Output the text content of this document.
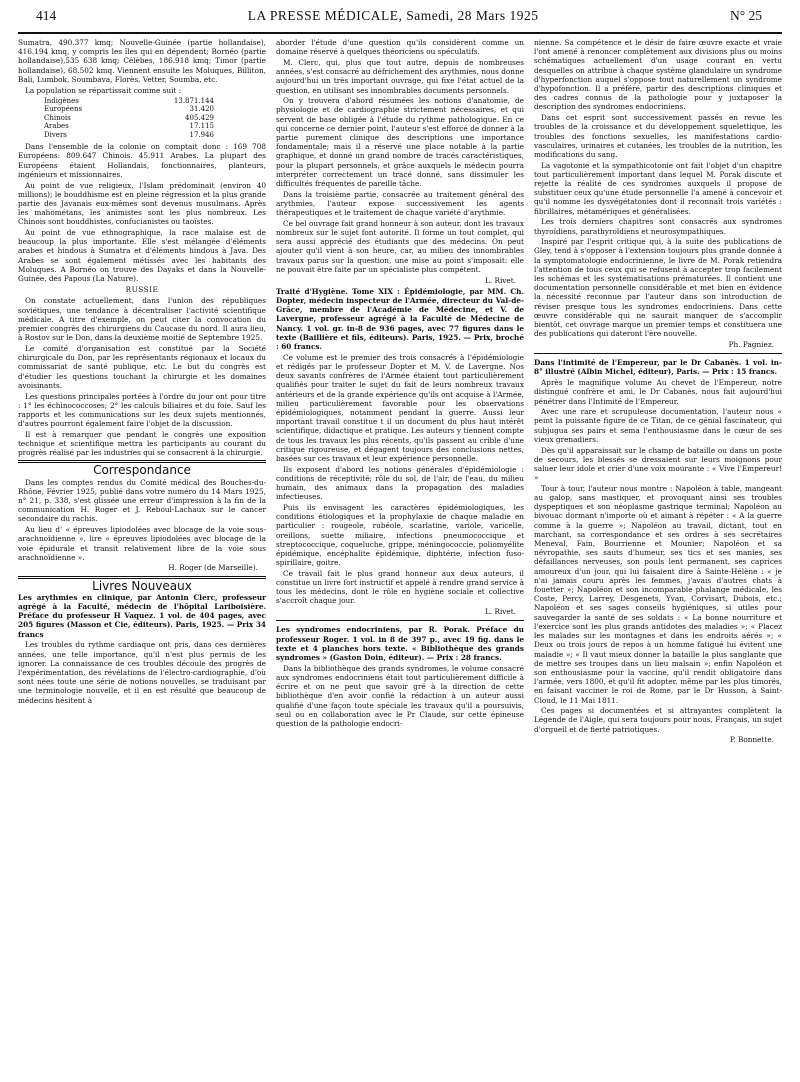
414	LA PRESSE MÉDICALE, Samedi, 28 Mars 1925	N° 25

Sumatra, 490.377 kmq; Nouvelle-Guinée (partie hollandaise), 416.194 kmq, y compris les îles qui en dépendent; Bornéo (partie hollandaise),535 638 kmq; Célèbes, 186.918 kmq; Timor (partie hollandaise), 68.502 kmq. Viennent ensuite les Moluques, Billiton, Bali, Lumbok, Soumbava, Florès, Vetter, Soumba, etc.

La population se répartissait comme suit :

Indigènes	13.871.144
Européens	31.420
Chinois	405.429
Arabes	17.115
Divers	17.946

Dans l'ensemble de la colonie on comptait donc : 169 708 Européens: 809.647 Chinois. 45.911 Arabes. La plupart des Européens étaient Hollandais, fonctionnaires, planteurs, ingénieurs et missionnaires.

Au point de vue religieux, l'Islam prédominait (environ 40 millions); le bouddhisme est en pleine régression et la plus grande partie des Javanais eux-mêmes sont devenus musulmans. Après les mahométans, les animistes sont les plus nombreux. Les Chinois sont bouddhistes, confucianistes ou taoïstes.

Au point de vue ethnographique, la race malaise est de beaucoup la plus importante. Elle s'est mélangée d'éléments arabes et hindous à Sumatra et d'éléments hindous à Java. Des Arabes se sont également métissés avec les habitants des Moluques. A Bornéo on trouve des Dayaks et dans la Nouvelle-Guinée, des Papous (La Nature).

RUSSIE

On constate actuellement, dans l'union des républiques soviétiques, une tendance à décentraliser l'activité scientifique médicale. A titre d'exemple, on peut citer la convocation du premier congrès des chirurgiens du Caucase du nord. Il aura lieu, à Rostov sur le Don, dans la deuxième moitié de Septembre 1925.

Le comité d'organisation est constitué par la Société chirurgicale du Don, par les représentants régionaux et locaux du commissariat de santé publique, etc. Le but du congrès est d'étudier les questions touchant la chirurgie et les domaines avoisinants.

Les questions principales portées à l'ordre du jour ont pour titre : 1° les échinococcoses; 2° les calculs biliaires et du foie. Sauf les rapports et les communications sur les deux sujets mentionnés, d'autres pourront également faire l'objet de la discussion.

Il est à remarquer que pendant le congrès une exposition technique et scientifique mettra les participants au courant du progrès réalisé par les industries qui se consacrent à la chirurgie.

Correspondance

Dans les comptes rendus du Comité médical des Bouches-du-Rhône, Février 1925, publié dans votre numéro du 14 Mars 1925, n° 21, p. 338, s'est glissée une erreur d'impression à la fin de la communication H. Roger et J. Reboul-Lachaux sur le cancer secondaire du rachis.

Au lieu d' « épreuves lipiodolées avec blocage de la voie sous-arachnoïdienne », lire « épreuves lipiodolées avec blocage de la voie épidurale et transit relativement libre de la voie sous arachnoïdienne ».

H. Roger (de Marseille).

Livres Nouveaux

Les arythmies en clinique, par Antonin Clerc, professeur agrégé à la Faculté, médecin de l'hôpital Lariboisière. Préface du professeur H Vaquez. 1 vol. de 404 pages, avec 205 figures (Masson et Cie, éditeurs). Paris, 1925. — Prix 34 francs

Les troubles du rythme cardiaque ont pris, dans ces dernières années, une telle importance, qu'il n'est plus permis de les ignorer. La connaissance de ces troubles découle des progrès de l'expérimentation, des révélations de l'électro-cardiographie, d'où sont nées toute une série de notions nouvelles, se traduisant par une terminologie nouvelle, et il en est résulté que beaucoup de médecins hésitent à

aborder l'étude d'une question qu'ils considèrent comme un domaine réservé à quelques théoriciens ou spéculatifs.

M. Clerc, qui, plus que tout autre, depuis de nombreuses années, s'est consacré au défrichement des arythmies, nous donne aujourd'hui un très important ouvrage, qui fixe l'état actuel de la question, en utilisant ses innombrables documents personnels.

On y trouvera d'abord résumées les notions d'anatomie, de physiologie et de cardiographie strictement nécessaires, et qui servent de base obligée à l'étude du rythme pathologique. En ce qui concerne ce dernier point, l'auteur s'est efforcé de donner à la partie purement clinique des descriptions une importance fondamentale; mais il a réservé une place notable à la partie graphique, et donné un grand nombre de tracés caractéristiques, pour la plupart personnels, et grâce auxquels le médecin pourra interpréter correctement un tracé donné, sans dissimuler les difficultés fréquentes de pareille tâche.

Dans la troisième partie, consacrée au traitement général des arythmies, l'auteur expose successivement les agents thérapeutiques et le traitement de chaque variété d'arythmie.

Ce bel ouvrage fait grand honneur à son auteur, dont les travaux nombreux sur le sujet font autorité. Il forme un tout complet, qui sera aussi apprécié des étudiants que des médecins. On peut ajouter qu'il vient à son heure, car, au milieu des innombrables travaux parus sur la question, une mise au point s'imposait: elle ne pouvait être faite par un spécialiste plus compétent.

L. Rivet.

Traité d'Hygiène. Tome XIX : Épidémiologie, par MM. Ch. Dopter, médecin inspecteur de l'Armée, directeur du Val-de-Grâce, membre de l'Académie de Médecine, et V. de Lavergne, professeur agrégé à la Faculté de Médecine de Nancy. 1 vol. gr. in-8 de 936 pages, avec 77 figures dans le texte (Baillière et fils, éditeurs). Paris, 1925. — Prix, broché : 60 francs.

Ce volume est le premier des trois consacrés à l'épidémiologie et rédigés par le professeur Dopter et M. V. de Lavergne. Nos deux savants confrères de l'Armée étaient tout particulièrement qualifiés pour traiter le sujet du fait de leurs nombreux travaux antérieurs et de la grande expérience qu'ils ont acquise à l'Armée, milieu particulièrement favorable pour les observations épidémiologiques, notamment pendant la guerre. Aussi leur important travail constitue t il un document du plus haut intérêt scientifique, didactique et pratique. Les auteurs y tiennent compte de tous les travaux les plus récents, qu'ils passent au crible d'une critique rigoureuse, et dégagent toujours des conclusions nettes, basées sur ces travaux et leur expérience personnelle.

Ils exposent d'abord les notions générales d'épidémiologie : conditions de réceptivité; rôle du sol, de l'air, de l'eau, du milieu humain, des animaux dans la propagation des maladies infectieuses.

Puis ils envisagent les caractères épidémiologiques, les conditions étiologiques et la prophylaxie de chaque maladie en particulier : rougeole, rubéole, scarlatine, variole, varicelle, oreillons, suette miliaire, infections pneumococcique et streptococcique, coqueluche, grippe, méningococcie, poliomyélite épidémique, encéphalite épidémique, diphtérie, infection fuso-spirillaire, goitre.

Ce travail fait le plus grand honneur aux deux auteurs, il constitue un livre fort instructif et appelé à rendre grand service à tous les médecins, dont le rôle en hygiène sociale et collective s'accroît chaque jour.

L. Rivet.

Les syndromes endocriniens, par R. Porak. Préface du professeur Roger. 1 vol. in 8 de 397 p., avec 19 fig. dans le texte et 4 planches hors texte. « Bibliothèque des grands syndromes » (Gaston Doin, éditeur). — Prix : 28 francs.

Dans la bibliothèque des grands syndromes, le volume consacré aux syndromes endocriniens était tout particulièrement difficile à écrire et on ne peut que savoir gré à la direction de cette bibliothèque d'en avoir confié la rédaction à un auteur aussi qualifié d'une façon toute spéciale les travaux qu'il a poursuivis, seul ou en collaboration avec le Pr Claude, sur cette épineuse question de la pathologie endocri-

nienne. Sa compétence et le désir de faire œuvre exacte et vraie l'ont amené à renoncer complètement aux divisions plus ou moins schématiques actuellement d'un usage courant en vertu desquelles on attribue à chaque système glandulaire un syndrome d'hyperfonction auquel s'oppose tout naturellement un syndrome d'hypofonction. Il a préféré, partir des descriptions cliniques et des cadres connus de la pathologie pour y juxtaposer la description des syndromes endocriniens.

Dans cet esprit sont successivement passés en revue les troubles de la croissance et du développement squelettique, les troubles des fonctions sexuelles, les manifestations cardio-vasculaires, urinaires et cutanées, les troubles de la nutrition, les modifications du sang.

La vagotonie et la sympathicotonie ont fait l'objet d'un chapitre tout particulièrement important dans lequel M. Porak discute et rejette la réalité de ces syndromes auxquels il propose de substituer ceux qu'une étude personnelle l'a amené à concevoir et qu'il nomme les dysvégétatonies dont il reconnaît trois variétés : fibrillaires, métamériques et généralisées.

Les trois derniers chapitres sont consacrés aux syndromes thyroïdiens, parathyroïdiens et neurosympathiques.

Inspiré par l'esprit critique qui, à la suite des publications de Gley, tend à s'opposer à l'extension toujours plus grande donnée à la symptomatologie endocrinienne, le livre de M. Porak retiendra l'attention de tous ceux qui se refusent à accepter trop facilement les schémas et les systématisations prématurées. Il contient une documentation personnelle considérable et met bien en évidence la nécessité reconnue par l'auteur dans son introduction de réviser presque tous les syndromes endocriniens. Dans cette œuvre considérable qui ne saurait manquer de s'accomplir bientôt, cet ouvrage marque un premier temps et constituera une des publications qui dateront l'ère nouvelle.

Ph. Pagniez.

Dans l'intimité de l'Empereur, par le Dr Cabanès. 1 vol. in-8° illustré (Albin Michel, éditeur), Paris. — Prix : 15 francs.

Après le magnifique volume Au chevet de l'Empereur, notre distingué confrère et ami, le Dr Cabanès, nous fait aujourd'hui pénétrer dans l'Intimité de l'Empereur.

Avec une rare et scrupuleuse documentation, l'auteur nous « peint la puissante figure de ce Titan, de ce génial fascinateur, qui subjugua ses pairs et sema l'enthousiasme dans le cœur de ses vieux grenadiers.

Dès qu'il apparaissait sur le champ de bataille ou dans un poste de secours, les blessés se dressaient sur leurs moignons pour saluer leur idole et crier d'une voix mourante : « Vive l'Empereur! »

Tour à tour, l'auteur nous montre : Napoléon à table, mangeant au galop, sans mastiquer, et provoquant ainsi ses troubles dyspeptiques et son néoplasme gastrique terminal; Napoléon au bivouac dormant n'importe où et aimant à répéter : « A la guerre comme à la guerre »; Napoléon au travail, dictant, tout en marchant, sa correspondance et ses ordres à ses secrétaires Meneval, Fain, Bourrienne et Mounier; Napoléon et sa névropathie, ses sauts d'humeur, ses tics et ses manies, ses défaillances nerveuses, son pouls lent permanent, ses caprices amoureux d'un jour, qui lui faisaient dire à Sainte-Hélène : « je n'ai jamais couru après les femmes, j'avais d'autres chats à fouetter »; Napoléon et son incomparable phalange médicale, les Coste, Percy, Larrey, Desgenets, Yvan, Corvisart, Dubois, etc.; Napoléon et ses sages conseils hygiéniques, si utiles pour sauvegarder la santé de ses soldats : « La bonne nourriture et l'exercice sont les plus grands antidotes des maladies »; « Placez les malades sur les montagnes et dans les endroits aérés »; « Deux ou trois jours de repos à un homme fatigué lui évitent une maladie »; « Il vaut mieux donner la bataille la plus sanglante que de mettre ses troupes dans un lieu malsain »; enfin Napoléon et son enthousiasme pour la vaccine, qu'il rendit obligatoire dans l'armée, vers 1800, et qu'il fit adopter, même par les plus timorés, en faisant vacciner le roi de Rome, par le Dr Husson, à Saint-Cloud, le 11 Mai 1811.

Ces pages si documentées et si attrayantes complètent la Légende de l'Aigle, qui sera toujours pour nous, Français, un sujet d'orgueil et de fierté patriotiques.

P. Bonnette.
